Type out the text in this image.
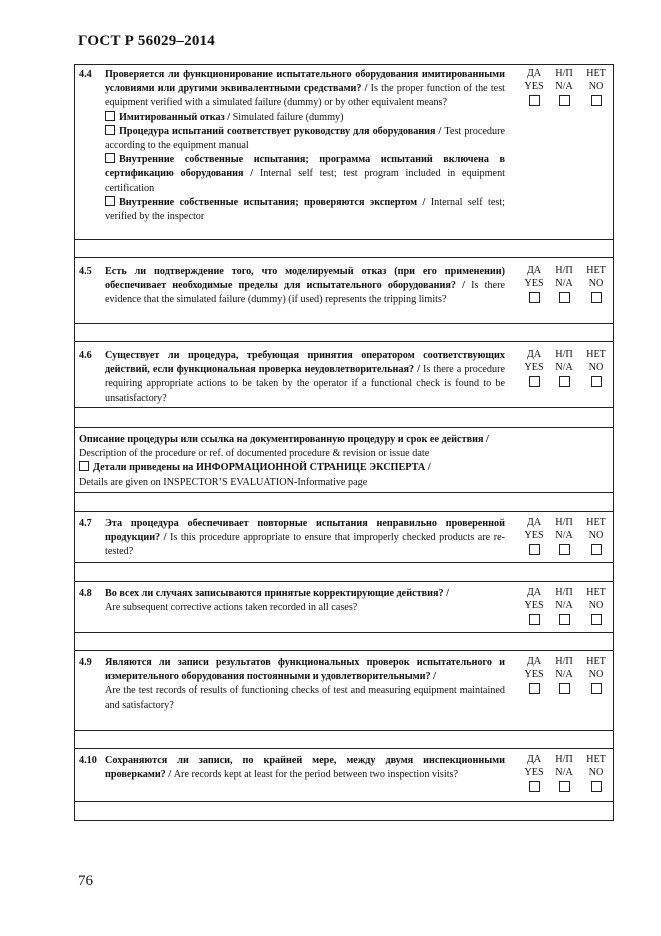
ГОСТ Р 56029–2014
4.4 Проверяется ли функционирование испытательного оборудования имитированными условиями или другими эквивалентными средствами? / Is the proper function of the test equipment verified with a simulated failure (dummy) or by other equivalent means?
Имитированный отказ / Simulated failure (dummy)
Процедура испытаний соответствует руководству для оборудования / Test procedure according to the equipment manual
Внутренние собственные испытания; программа испытаний включена в сертификацию оборудования / Internal self test; test program included in equipment certification
Внутренние собственные испытания; проверяются экспертом / Internal self test; verified by the inspector
ДА
YES

Н/П
N/A

НЕТ
NO

4.5 Есть ли подтверждение того, что моделируемый отказ (при его применении) обеспечивает необходимые пределы для испытательного оборудования? / Is there evidence that the simulated failure (dummy) (if used) represents the tripping limits?
ДА
YES

Н/П
N/A

НЕТ
NO

4.6 Существует ли процедура, требующая принятия оператором соответствующих действий, если функциональная проверка неудовлетворительная? / Is there a procedure requiring appropriate actions to be taken by the operator if a functional check is found to be unsatisfactory?
ДА
YES

Н/П
N/A

НЕТ
NO

Описание процедуры или ссылка на документированную процедуру и срок ее действия /
Description of the procedure or ref. of documented procedure & revision or issue date
Детали приведены на ИНФОРМАЦИОННОЙ СТРАНИЦЕ ЭКСПЕРТА /
Details are given on INSPECTOR’S EVALUATION-Informative page
4.7 Эта процедура обеспечивает повторные испытания неправильно проверенной продукции? / Is this procedure appropriate to ensure that improperly checked products are re-tested?
ДА
YES

Н/П
N/A

НЕТ
NO

4.8 Во всех ли случаях записываются принятые корректирующие действия? /
Are subsequent corrective actions taken recorded in all cases?
ДА
YES

Н/П
N/A

НЕТ
NO

4.9 Являются ли записи результатов функциональных проверок испытательного и измерительного оборудования постоянными и удовлетворительными? /
Are the test records of results of functioning checks of test and measuring equipment maintained and satisfactory?
ДА
YES

Н/П
N/A

НЕТ
NO

4.10 Сохраняются ли записи, по крайней мере, между двумя инспекционными проверками? / Are records kept at least for the period between two inspection visits?
ДА
YES

Н/П
N/A

НЕТ
NO

76
